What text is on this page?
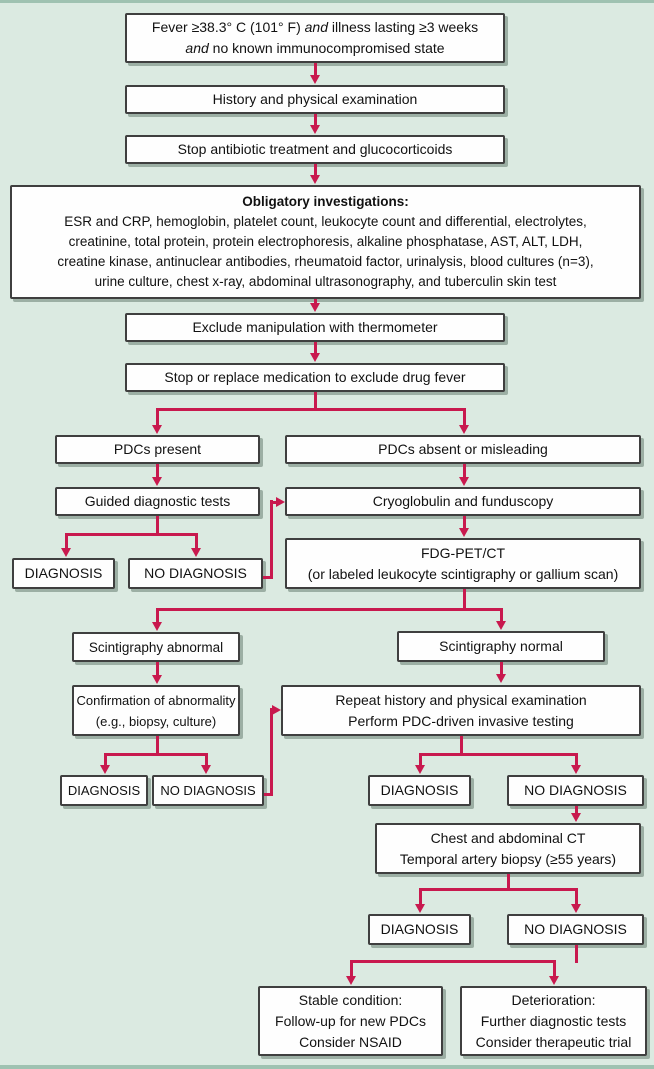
Fever ≥38.3° C (101° F) and illness lasting ≥3 weeks
and no known immunocompromised state
History and physical examination
Stop antibiotic treatment and glucocorticoids
Obligatory investigations:
ESR and CRP, hemoglobin, platelet count, leukocyte count and differential, electrolytes,
creatinine, total protein, protein electrophoresis, alkaline phosphatase, AST, ALT, LDH,
creatine kinase, antinuclear antibodies, rheumatoid factor, urinalysis, blood cultures (n=3),
urine culture, chest x-ray, abdominal ultrasonography, and tuberculin skin test
Exclude manipulation with thermometer
Stop or replace medication to exclude drug fever
PDCs present	PDCs absent or misleading
Guided diagnostic tests	Cryoglobulin and funduscopy
DIAGNOSIS	NO DIAGNOSIS
FDG-PET/CT
(or labeled leukocyte scintigraphy or gallium scan)
Scintigraphy abnormal	Scintigraphy normal
Confirmation of abnormality
(e.g., biopsy, culture)
Repeat history and physical examination
Perform PDC-driven invasive testing
DIAGNOSIS	NO DIAGNOSIS	DIAGNOSIS	NO DIAGNOSIS
Chest and abdominal CT
Temporal artery biopsy (≥55 years)
DIAGNOSIS	NO DIAGNOSIS
Stable condition:
Follow-up for new PDCs
Consider NSAID
Deterioration:
Further diagnostic tests
Consider therapeutic trial
